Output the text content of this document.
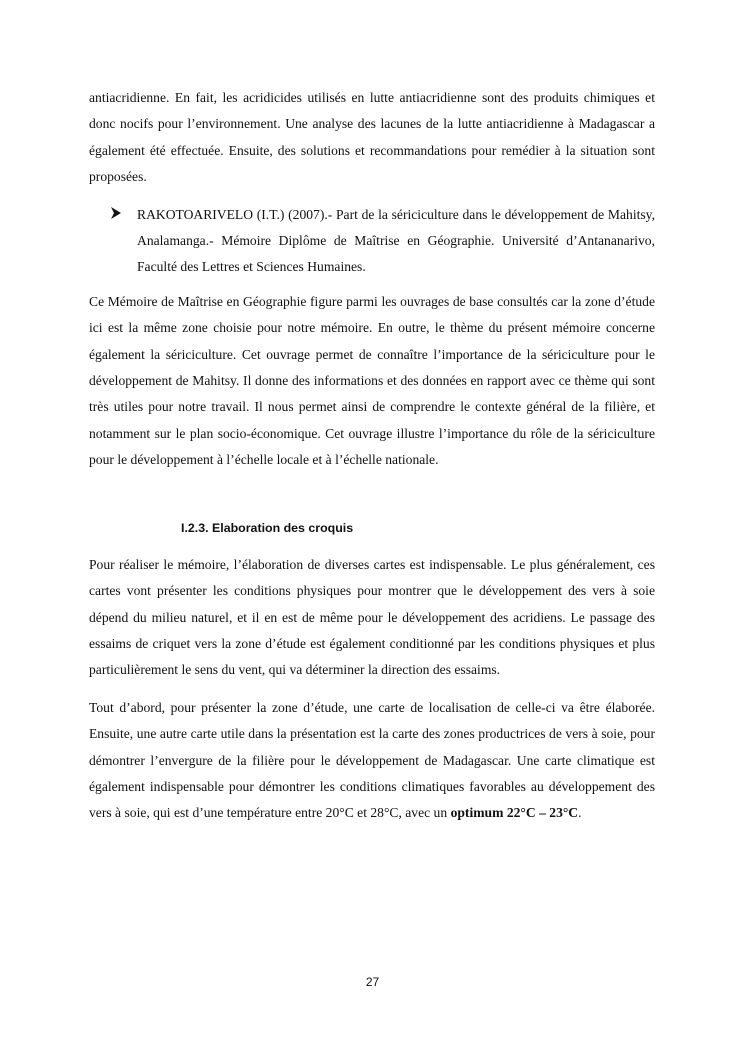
antiacridienne. En fait, les acridicides utilisés en lutte antiacridienne sont des produits chimiques et donc nocifs pour l’environnement. Une analyse des lacunes de la lutte antiacridienne à Madagascar a également été effectuée. Ensuite, des solutions et recommandations pour remédier à la situation sont proposées.

RAKOTOARIVELO (I.T.) (2007).- Part de la sériciculture dans le développement de Mahitsy, Analamanga.- Mémoire Diplôme de Maîtrise en Géographie. Université d’Antananarivo, Faculté des Lettres et Sciences Humaines.

Ce Mémoire de Maîtrise en Géographie figure parmi les ouvrages de base consultés car la zone d’étude ici est la même zone choisie pour notre mémoire. En outre, le thème du présent mémoire concerne également la sériciculture. Cet ouvrage permet de connaître l’importance de la sériciculture pour le développement de Mahitsy. Il donne des informations et des données en rapport avec ce thème qui sont très utiles pour notre travail. Il nous permet ainsi de comprendre le contexte général de la filière, et notamment sur le plan socio-économique. Cet ouvrage illustre l’importance du rôle de la sériciculture pour le développement à l’échelle locale et à l’échelle nationale.

I.2.3. Elaboration des croquis

Pour réaliser le mémoire, l’élaboration de diverses cartes est indispensable. Le plus généralement, ces cartes vont présenter les conditions physiques pour montrer que le développement des vers à soie dépend du milieu naturel, et il en est de même pour le développement des acridiens. Le passage des essaims de criquet vers la zone d’étude est également conditionné par les conditions physiques et plus particulièrement le sens du vent, qui va déterminer la direction des essaims.

Tout d’abord, pour présenter la zone d’étude, une carte de localisation de celle-ci va être élaborée. Ensuite, une autre carte utile dans la présentation est la carte des zones productrices de vers à soie, pour démontrer l’envergure de la filière pour le développement de Madagascar. Une carte climatique est également indispensable pour démontrer les conditions climatiques favorables au développement des vers à soie, qui est d’une température entre 20°C et 28°C, avec un optimum 22°C – 23°C.

27
